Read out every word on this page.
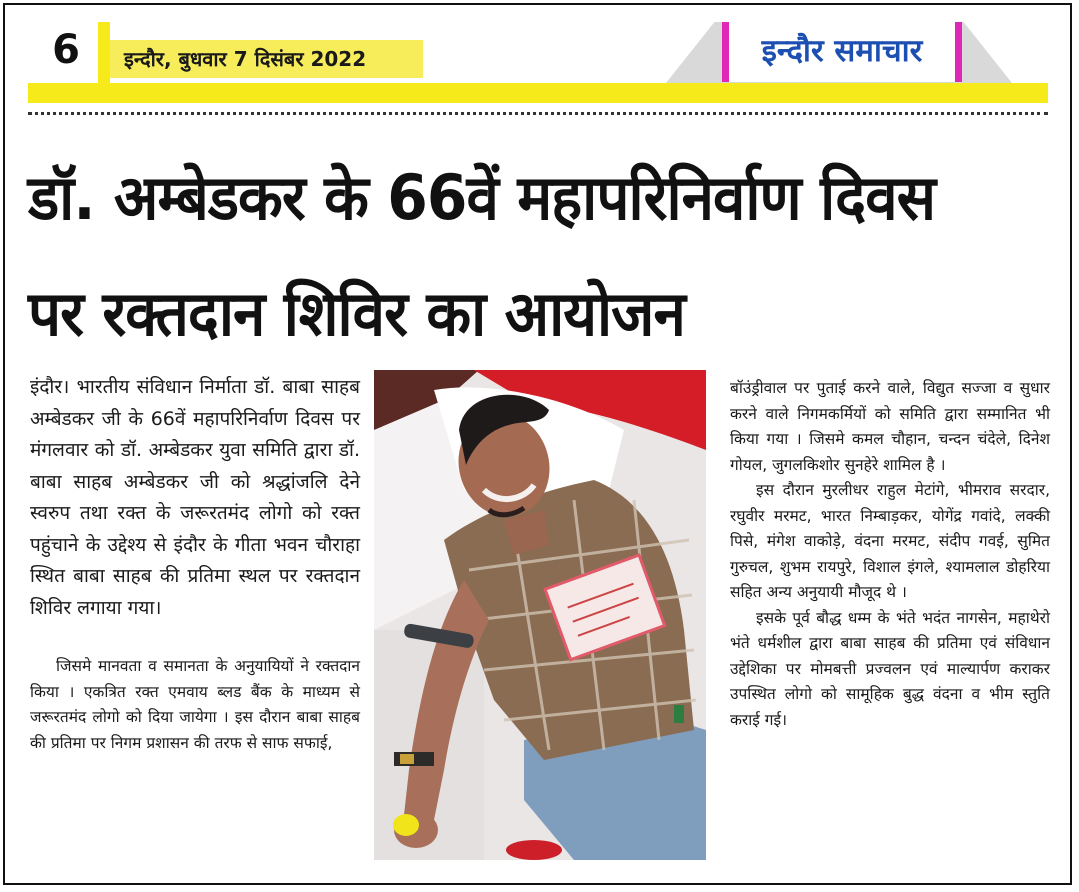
6	इन्दौर, बुधवार 7 दिसंबर 2022	इन्दौर समाचार
डॉ. अम्बेडकर के 66वें महापरिनिर्वाण दिवस
पर रक्तदान शिविर का आयोजन

इंदौर। भारतीय संविधान निर्माता डॉ. बाबा साहब अम्बेडकर जी के 66वें महापरिनिर्वाण दिवस पर मंगलवार को डॉ. अम्बेडकर युवा समिति द्वारा डॉ. बाबा साहब अम्बेडकर जी को श्रद्धांजलि देने स्वरुप तथा रक्त के जरूरतमंद लोगो को रक्त पहुंचाने के उद्देश्य से इंदौर के गीता भवन चौराहा स्थित बाबा साहब की प्रतिमा स्थल पर रक्तदान शिविर लगाया गया।

जिसमे मानवता व समानता के अनुयायियों ने रक्तदान किया । एकत्रित रक्त एमवाय ब्लड बैंक के माध्यम से जरूरतमंद लोगो को दिया जायेगा । इस दौरान बाबा साहब की प्रतिमा पर निगम प्रशासन की तरफ से साफ सफाई,

बॉउंड्रीवाल पर पुताई करने वाले, विद्युत सज्जा व सुधार करने वाले निगमकर्मियों को समिति द्वारा सम्मानित भी किया गया । जिसमे कमल चौहान, चन्दन चंदेले, दिनेश गोयल, जुगलकिशोर सुनहेरे शामिल है ।

इस दौरान मुरलीधर राहुल मेटांगे, भीमराव सरदार, रघुवीर मरमट, भारत निम्बाड़कर, योगेंद्र गवांदे, लक्की पिसे, मंगेश वाकोड़े, वंदना मरमट, संदीप गवई, सुमित गुरुचल, शुभम रायपुरे, विशाल इंगले, श्यामलाल डोहरिया सहित अन्य अनुयायी मौजूद थे ।

इसके पूर्व बौद्ध धम्म के भंते भदंत नागसेन, महाथेरो भंते धर्मशील द्वारा बाबा साहब की प्रतिमा एवं संविधान उद्देशिका पर मोमबत्ती प्रज्वलन एवं माल्यार्पण कराकर उपस्थित लोगो को सामूहिक बुद्ध वंदना व भीम स्तुति कराई गई।
